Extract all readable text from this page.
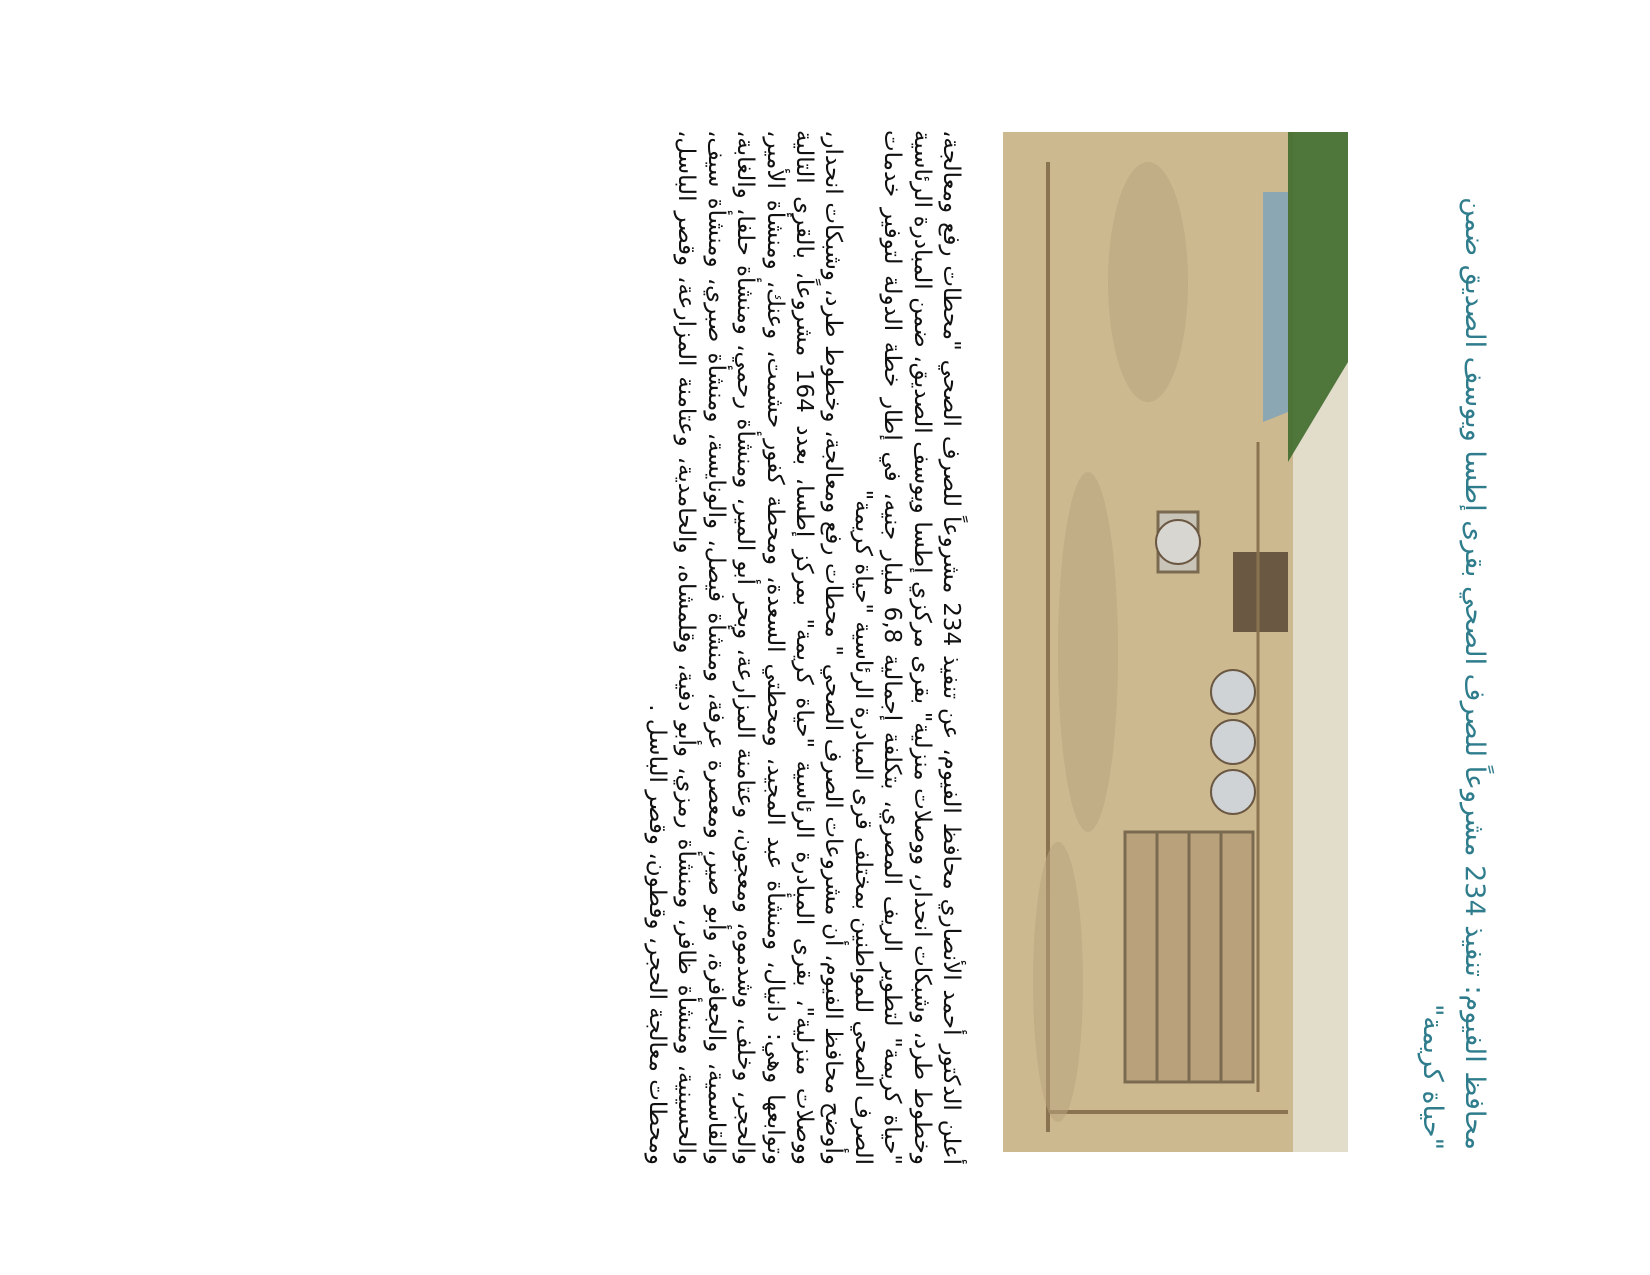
محافظ الفيوم: تنفيذ 234 مشروعاً للصرف الصحي بقرى إطسا ويوسف الصديق ضمن "حياة كريمة"

أعلن الدكتور أحمد الأنصاري محافظ الفيوم، عن تنفيذ 234 مشروعاً للصرف الصحي "محطات رفع ومعالجة، وخطوط طرد، وشبكات انحدار، ووصلات منزلية" بقرى مركزي إطسا ويوسف الصديق، ضمن المبادرة الرئاسية "حياة كريمة" لتطوير الريف المصري، بتكلفة إجمالية 6,8 مليار جنيه، في إطار خطة الدولة لتوفير خدمات الصرف الصحي للمواطنين بمختلف قرى المبادرة الرئاسية "حياة كريمة"

وأوضح محافظ الفيوم، أن مشروعات الصرف الصحي " محطات رفع ومعالجة، وخطوط طرد، وشبكات انحدار، ووصلات منزلية"، بقرى المبادرة الرئاسية "حياة كريمة" بمركز إطسا، بعدد 164 مشروعاً، بالقرى التالية وتوابعها وهي: دانيال، ومنشأة عبد المجيد، ومحطتي السعدة، ومحطة كفور حشمت، وعنك، ومنشأة الأمير، والحجر، وخلف، وشدموه، ومعجون، وعتامنة المزارعة، وبحر أبو المير، ومنشأة رحمي، ومنشأة حلفا، والغابة، والقاسمية، والجعافرة، وأبو صير، ومعصرة عرفة، ومنشأة فيصل، والونايسة، ومنشأة صبري، ومنشأة سيف، والحسينية، ومنشأة ظافر، ومنشأة رمزي، وأبو دفية، وقلمشاه، والحامدية، وعتامنة المزارعة، وقصر الباسل، ومحطات معالجة الحجر، وقطون، وقصر الباسل .
